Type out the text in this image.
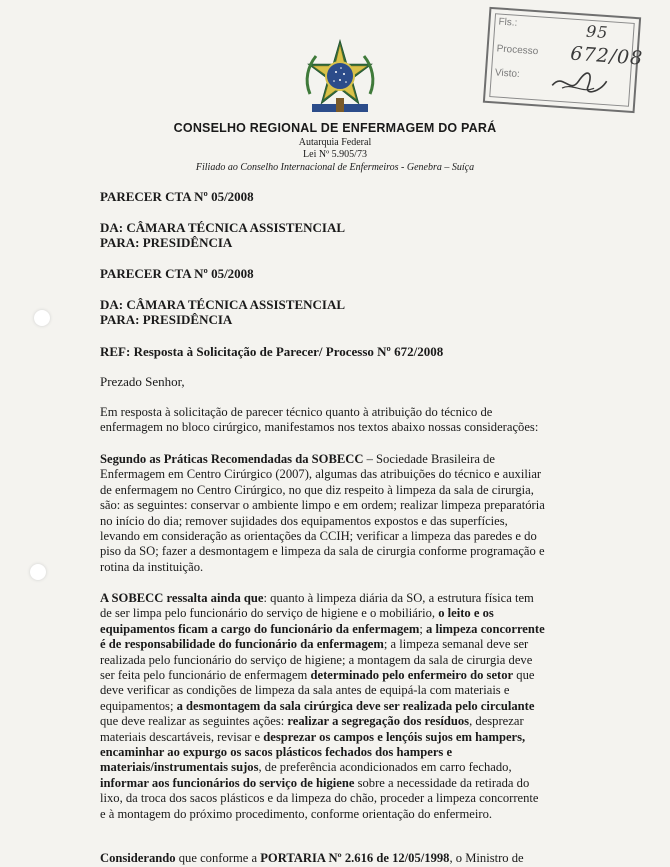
Fls.:	95
Processo 672/08
Visto:
CONSELHO REGIONAL DE ENFERMAGEM DO PARÁ
Autarquia Federal
Lei Nº 5.905/73
Filiado ao Conselho Internacional de Enfermeiros - Genebra – Suíça
PARECER CTA Nº 05/2008
DA: CÂMARA TÉCNICA ASSISTENCIAL
PARA: PRESIDÊNCIA
PARECER CTA Nº 05/2008
DA: CÂMARA TÉCNICA ASSISTENCIAL
PARA: PRESIDÊNCIA
REF: Resposta à Solicitação de Parecer/ Processo Nº 672/2008
Prezado Senhor,
Em resposta à solicitação de parecer técnico quanto à atribuição do técnico de
enfermagem no bloco cirúrgico, manifestamos nos textos abaixo nossas considerações:
Segundo as Práticas Recomendadas da SOBECC – Sociedade Brasileira de
Enfermagem em Centro Cirúrgico (2007), algumas das atribuições do técnico e auxiliar
de enfermagem no Centro Cirúrgico, no que diz respeito à limpeza da sala de cirurgia,
são: as seguintes: conservar o ambiente limpo e em ordem; realizar limpeza preparatória
no início do dia; remover sujidades dos equipamentos expostos e das superfícies,
levando em consideração as orientações da CCIH; verificar a limpeza das paredes e do
piso da SO; fazer a desmontagem e limpeza da sala de cirurgia conforme programação e
rotina da instituição.
A SOBECC ressalta ainda que: quanto à limpeza diária da SO, a estrutura física tem
de ser limpa pelo funcionário do serviço de higiene e o mobiliário, o leito e os
equipamentos ficam a cargo do funcionário da enfermagem; a limpeza concorrente
é de responsabilidade do funcionário da enfermagem; a limpeza semanal deve ser
realizada pelo funcionário do serviço de higiene; a montagem da sala de cirurgia deve
ser feita pelo funcionário de enfermagem determinado pelo enfermeiro do setor que
deve verificar as condições de limpeza da sala antes de equipá-la com materiais e
equipamentos; a desmontagem da sala cirúrgica deve ser realizada pelo circulante
que deve realizar as seguintes ações: realizar a segregação dos resíduos, desprezar
materiais descartáveis, revisar e desprezar os campos e lençóis sujos em hampers,
encaminhar ao expurgo os sacos plásticos fechados dos hampers e
materiais/instrumentais sujos, de preferência acondicionados em carro fechado,
informar aos funcionários do serviço de higiene sobre a necessidade da retirada do
lixo, da troca dos sacos plásticos e da limpeza do chão, proceder a limpeza concorrente
e à montagem do próximo procedimento, conforme orientação do enfermeiro.
Considerando que conforme a PORTARIA Nº 2.616 de 12/05/1998, o Ministro de
